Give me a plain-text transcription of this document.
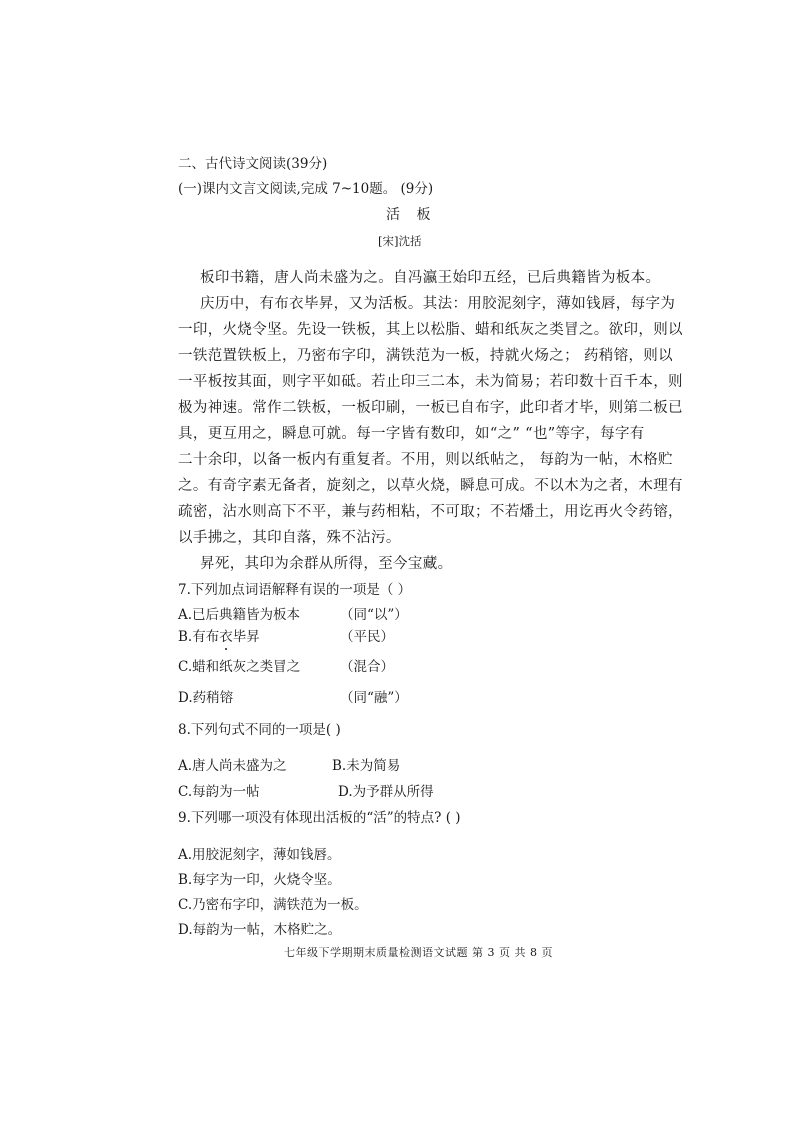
二、古代诗文阅读(39分)
(一)课内文言文阅读,完成 7~10题。 (9分)
活 板
[宋]沈括
板印书籍，唐人尚未盛为之。自冯瀛王始印五经，已后典籍皆为板本。
庆历中，有布衣毕昇，又为活板。其法：用胶泥刻字，薄如钱唇，每字为
一印，火烧令坚。先设一铁板，其上以松脂、蜡和纸灰之类冒之。欲印，则以
一铁范置铁板上，乃密布字印，满铁范为一板，持就火炀之； 药稍镕，则以
一平板按其面，则字平如砥。若止印三二本，未为简易；若印数十百千本，则
极为神速。常作二铁板，一板印刷，一板已自布字，此印者才毕，则第二板已
具，更互用之，瞬息可就。每一字皆有数印，如“之” “也”等字，每字有
二十余印，以备一板内有重复者。不用，则以纸帖之， 每韵为一帖，木格贮
之。有奇字素无备者，旋刻之，以草火烧，瞬息可成。不以木为之者，木理有
疏密，沾水则高下不平，兼与药相粘，不可取；不若燔土，用讫再火令药镕，
以手拂之，其印自落，殊不沾污。
昇死，其印为余群从所得，至今宝藏。
7.下列加点词语解释有误的一项是（ ）
A.已后典籍皆为板本	（同“以”）
B.有布衣毕昇	（平民）
C.蜡和纸灰之类冒之	（混合）
D.药稍镕	（同“融”）
8.下列句式不同的一项是( )
A.唐人尚未盛为之	B.未为简易
C.每韵为一帖	D.为予群从所得
9.下列哪一项没有体现出活板的“活”的特点? ( )
A.用胶泥刻字，薄如钱唇。
B.每字为一印，火烧令坚。
C.乃密布字印，满铁范为一板。
D.每韵为一帖，木格贮之。
七年级下学期期末质量检测语文试题 第 3 页 共 8 页
